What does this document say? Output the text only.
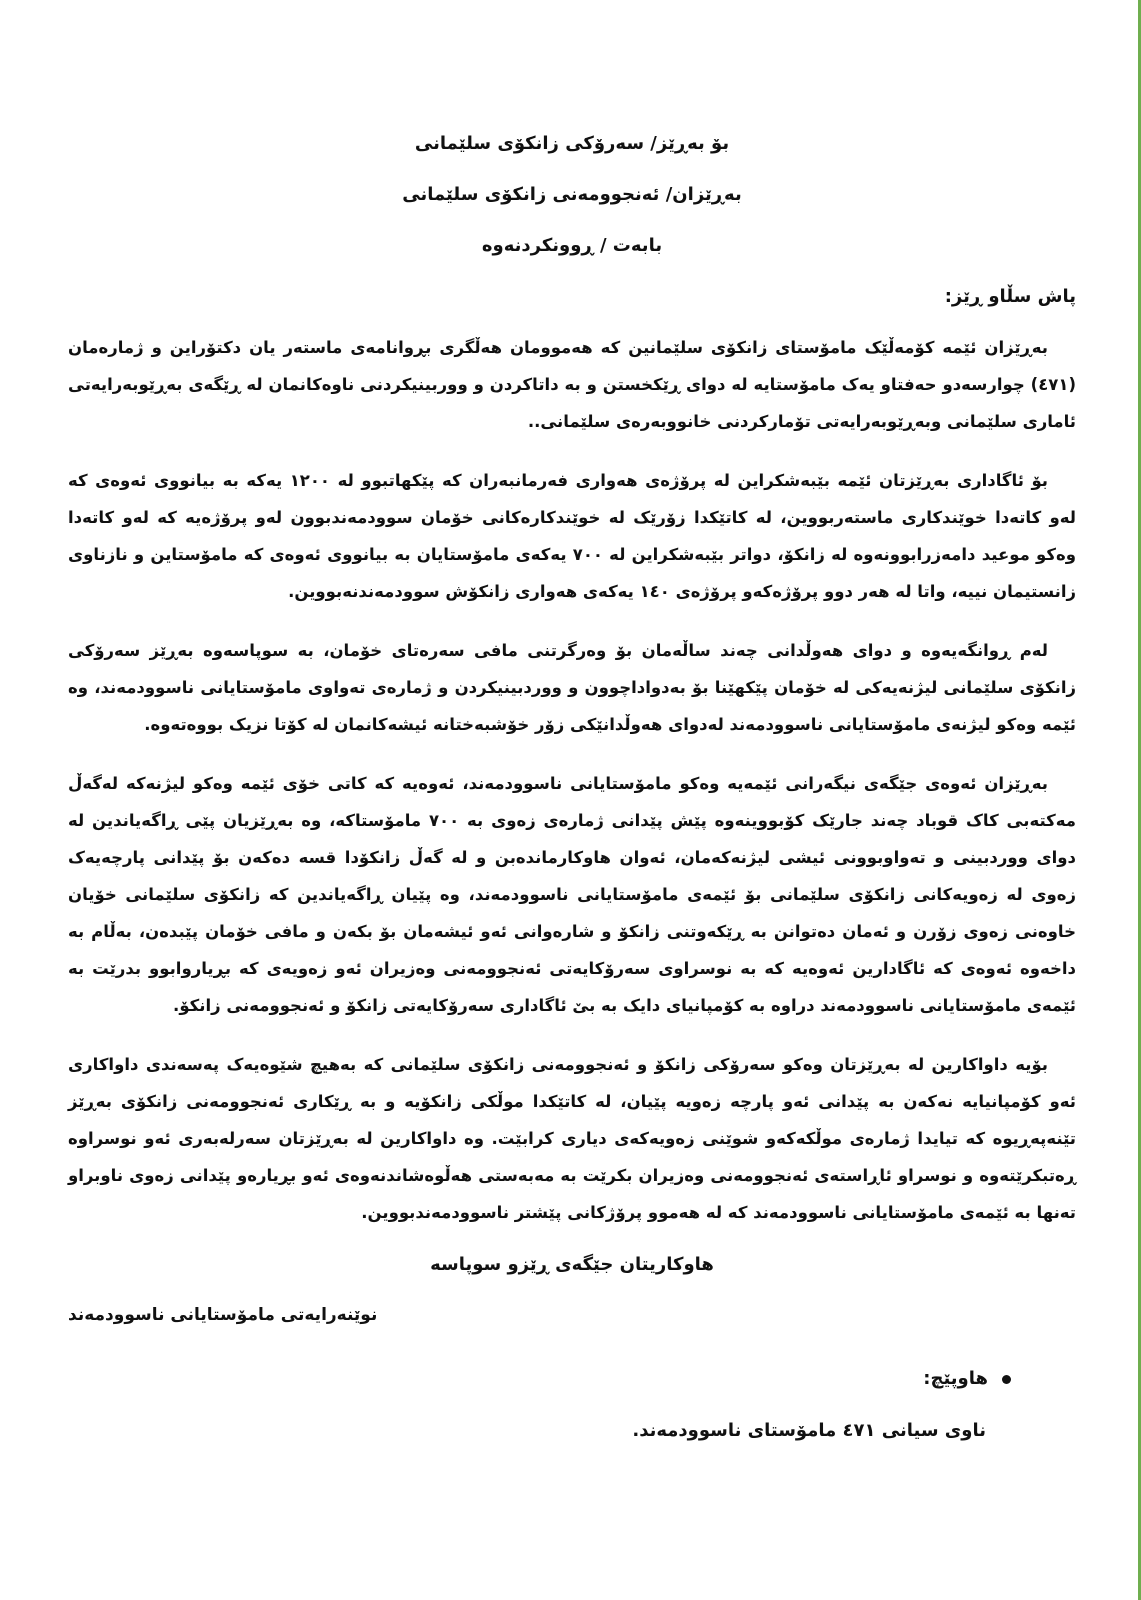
بۆ بەڕێز/ سەرۆکی زانکۆی سلێمانی
بەڕێزان/ ئەنجوومەنی زانکۆی سلێمانی
بابەت / ڕوونکردنەوە
پاش سڵاو ڕێز:

بەڕێزان ئێمە کۆمەڵێک مامۆستای زانکۆی سلێمانین کە هەموومان هەڵگری بڕوانامەی ماستەر یان دکتۆراین و ژمارەمان (٤٧١) چوارسەدو حەفتاو یەک مامۆستایە لە دوای ڕێکخستن و بە داتاکردن و ووربینیکردنی ناوەکانمان لە ڕێگەی بەڕێوبەرایەتی ئاماری سلێمانی وبەڕێوبەرایەتی تۆمارکردنی خانووبەرەی سلێمانی..

بۆ ئاگاداری بەڕێزتان ئێمە بێبەشکراین لە پرۆژەی هەواری فەرمانبەران کە پێکهاتبوو لە ١٢٠٠ یەکە بە بیانووی ئەوەی کە لەو کاتەدا خوێندکاری ماستەربووین، لە کاتێکدا زۆرێک لە خوێندکارەکانی خۆمان سوودمەندبوون لەو پرۆژەیە کە لەو کاتەدا وەکو موعید دامەزرابوونەوە لە زانکۆ، دواتر بێبەشکراین لە ٧٠٠ یەکەی مامۆستایان بە بیانووی ئەوەی کە مامۆستاین و نازناوی زانستیمان نییە، واتا لە هەر دوو پرۆژەکەو پرۆژەی ١٤٠ یەکەی هەواری زانکۆش سوودمەندنەبووین.

لەم ڕوانگەیەوە و دوای هەوڵدانی چەند ساڵەمان بۆ وەرگرتنی مافی سەرەتای خۆمان، بە سوپاسەوە بەڕێز سەرۆکی زانکۆی سلێمانی لیژنەیەکی لە خۆمان پێکهێنا بۆ بەدواداچوون و ووردبینیکردن و ژمارەی تەواوی مامۆستایانی ناسوودمەند، وە ئێمە وەکو لیژنەی مامۆستایانی ناسوودمەند لەدوای هەوڵدانێکی زۆر خۆشبەختانە ئیشەکانمان لە کۆتا نزیک بووەتەوە.

بەڕێزان ئەوەی جێگەی نیگەرانی ئێمەیە وەکو مامۆستایانی ناسوودمەند، ئەوەیە کە کاتی خۆی ئێمە وەکو لیژنەکە لەگەڵ مەکتەبی کاک قوباد چەند جارێک کۆبووینەوە پێش پێدانی ژمارەی زەوی بە ٧٠٠ مامۆستاکە، وە بەڕێزیان پێی ڕاگەیاندین لە دوای ووردبینی و تەواوبوونی ئیشی لیژنەکەمان، ئەوان هاوکارماندەبن و لە گەڵ زانکۆدا قسە دەکەن بۆ پێدانی پارچەیەک زەوی لە زەویەکانی زانکۆی سلێمانی بۆ ئێمەی مامۆستایانی ناسوودمەند، وە پێیان ڕاگەیاندین کە زانکۆی سلێمانی خۆیان خاوەنی زەوی زۆرن و ئەمان دەتوانن بە ڕێکەوتنی زانکۆ و شارەوانی ئەو ئیشەمان بۆ بکەن و مافی خۆمان پێبدەن، بەڵام بە داخەوە ئەوەی کە ئاگادارین ئەوەیە کە بە نوسراوی سەرۆکایەتی ئەنجوومەنی وەزیران ئەو زەویەی کە بڕیاروابوو بدرێت بە ئێمەی مامۆستایانی ناسوودمەند دراوە بە کۆمپانیای دایک بە بێ ئاگاداری سەرۆکایەتی زانکۆ و ئەنجوومەنی زانکۆ.

بۆیە داواکارین لە بەڕێزتان وەکو سەرۆکی زانکۆ و ئەنجوومەنی زانکۆی سلێمانی کە بەهیچ شێوەیەک پەسەندی داواکاری ئەو کۆمپانیایە نەکەن بە پێدانی ئەو پارچە زەویە پێیان، لە کاتێکدا موڵکی زانکۆیە و بە ڕێکاری ئەنجوومەنی زانکۆی بەڕێز تێنەپەڕیوە کە تیایدا ژمارەی موڵکەکەو شوێنی زەویەکەی دیاری کرابێت. وە داواکارین لە بەڕێزتان سەرلەبەری ئەو نوسراوە ڕەتبکرێتەوە و نوسراو ئاڕاستەی ئەنجوومەنی وەزیران بکرێت بە مەبەستی هەڵوەشاندنەوەی ئەو بڕیارەو پێدانی زەوی ناوبراو تەنها بە ئێمەی مامۆستایانی ناسوودمەند کە لە هەموو پرۆژکانی پێشتر ناسوودمەندبووین.

هاوکاریتان جێگەی ڕێزو سوپاسە
نوێنەرایەتی مامۆستایانی ناسوودمەند
هاوپێچ:
ناوی سیانی ٤٧١ مامۆستای ناسوودمەند.
